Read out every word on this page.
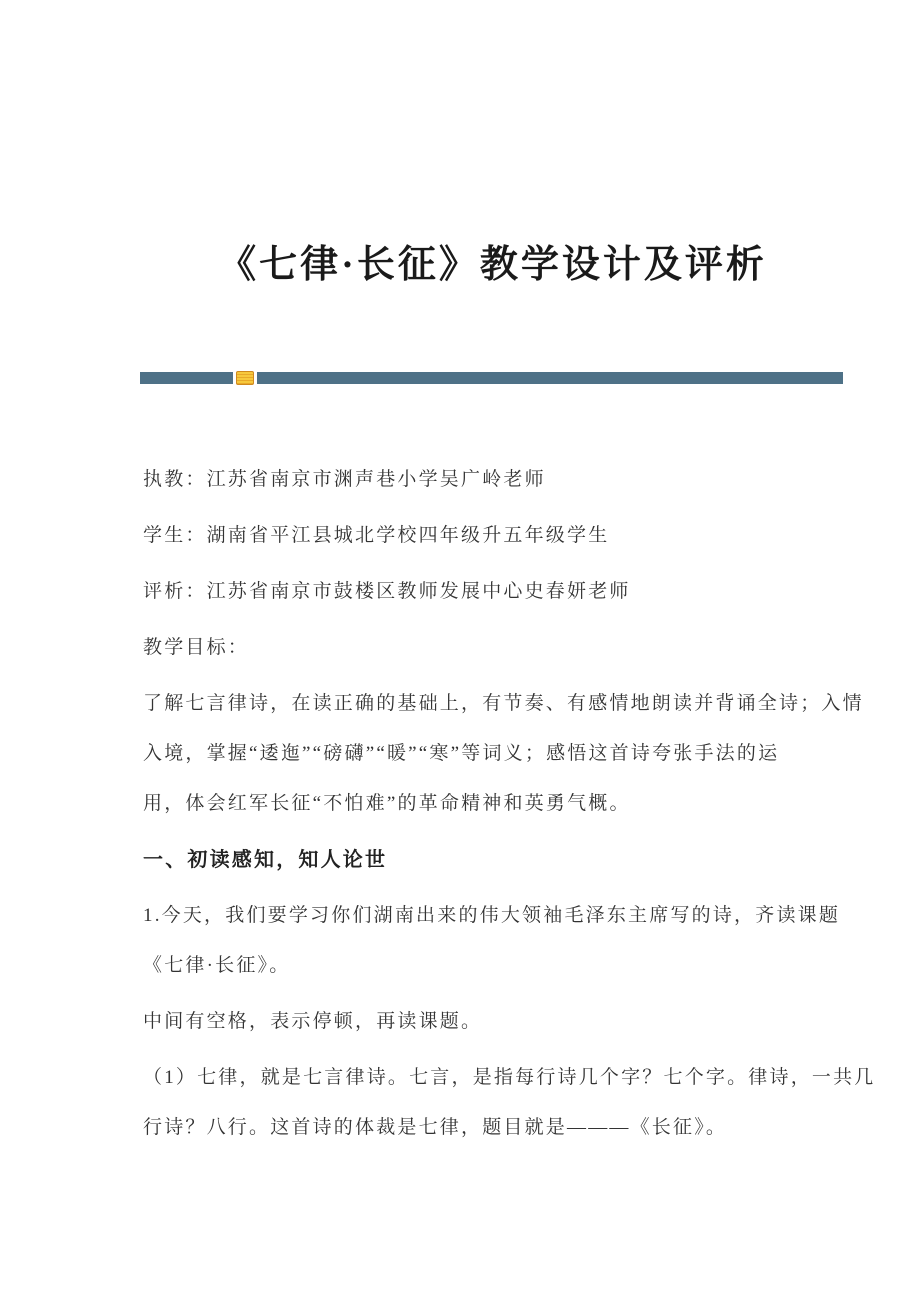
《七律·长征》教学设计及评析
执教：江苏省南京市渊声巷小学吴广岭老师
学生：湖南省平江县城北学校四年级升五年级学生
评析：江苏省南京市鼓楼区教师发展中心史春妍老师
教学目标：
了解七言律诗，在读正确的基础上，有节奏、有感情地朗读并背诵全诗；入情
入境，掌握“逶迤”“磅礴”“暖”“寒”等词义；感悟这首诗夸张手法的运
用，体会红军长征“不怕难”的革命精神和英勇气概。
一、初读感知，知人论世
1.今天，我们要学习你们湖南出来的伟大领袖毛泽东主席写的诗，齐读课题
《七律·长征》。
中间有空格，表示停顿，再读课题。
（1）七律，就是七言律诗。七言，是指每行诗几个字？七个字。律诗，一共几
行诗？八行。这首诗的体裁是七律，题目就是———《长征》。
